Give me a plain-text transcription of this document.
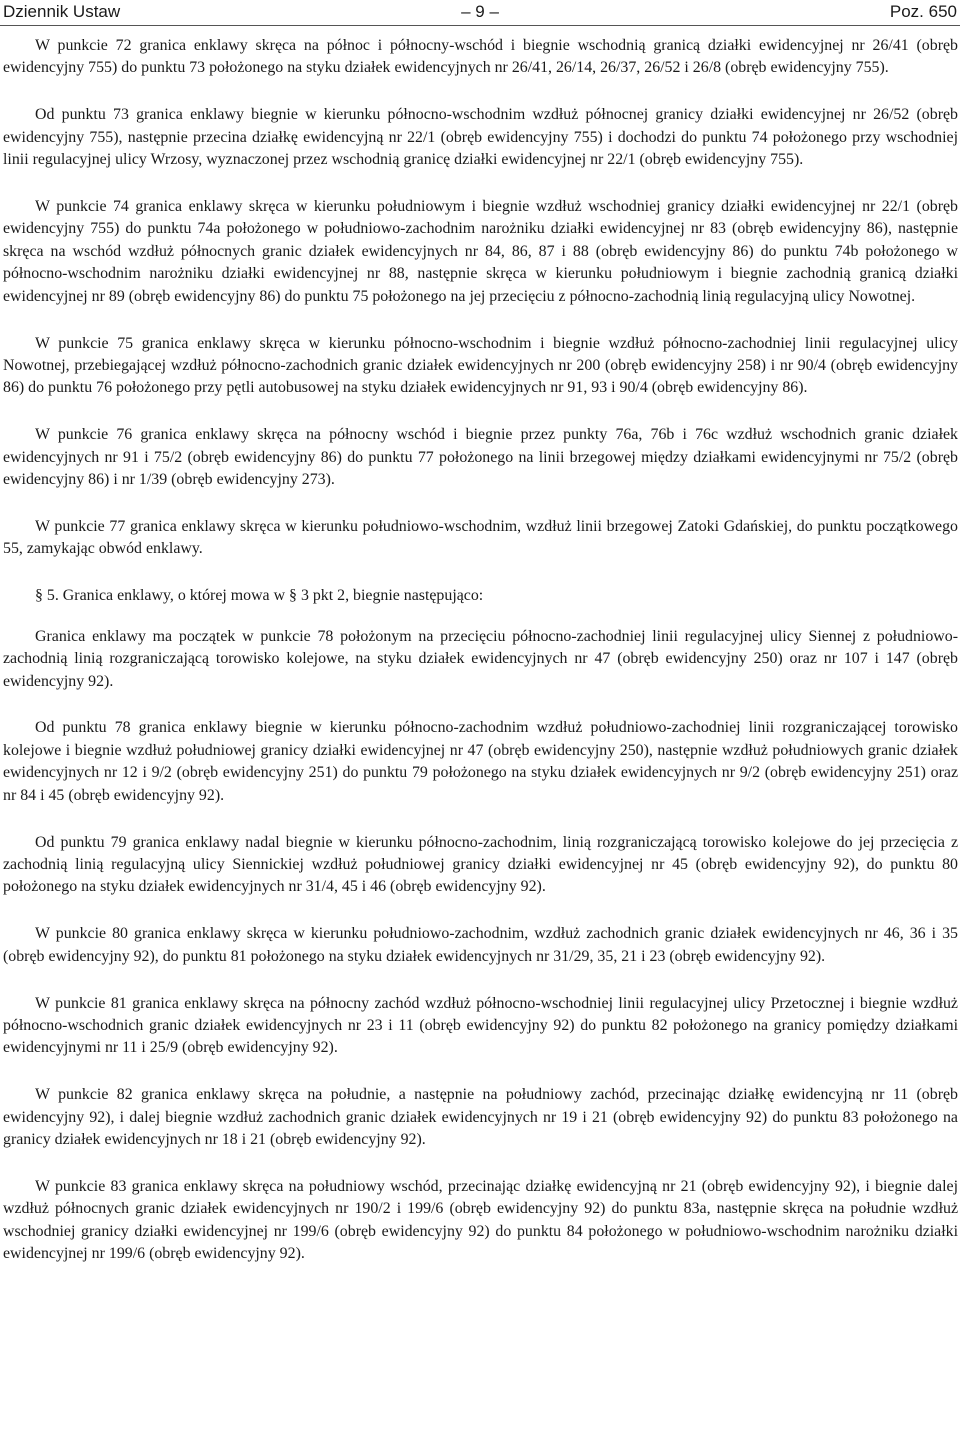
Dziennik Ustaw	– 9 –	Poz. 650

W punkcie 72 granica enklawy skręca na północ i północny-wschód i biegnie wschodnią granicą działki ewidencyjnej nr 26/41 (obręb ewidencyjny 755) do punktu 73 położonego na styku działek ewidencyjnych nr 26/41, 26/14, 26/37, 26/52 i 26/8 (obręb ewidencyjny 755).

Od punktu 73 granica enklawy biegnie w kierunku północno-wschodnim wzdłuż północnej granicy działki ewidencyjnej nr 26/52 (obręb ewidencyjny 755), następnie przecina działkę ewidencyjną nr 22/1 (obręb ewidencyjny 755) i dochodzi do punktu 74 położonego przy wschodniej linii regulacyjnej ulicy Wrzosy, wyznaczonej przez wschodnią granicę działki ewidencyjnej nr 22/1 (obręb ewidencyjny 755).

W punkcie 74 granica enklawy skręca w kierunku południowym i biegnie wzdłuż wschodniej granicy działki ewidencyjnej nr 22/1 (obręb ewidencyjny 755) do punktu 74a położonego w południowo-zachodnim narożniku działki ewidencyjnej nr 83 (obręb ewidencyjny 86), następnie skręca na wschód wzdłuż północnych granic działek ewidencyjnych nr 84, 86, 87 i 88 (obręb ewidencyjny 86) do punktu 74b położonego w północno-wschodnim narożniku działki ewidencyjnej nr 88, następnie skręca w kierunku południowym i biegnie zachodnią granicą działki ewidencyjnej nr 89 (obręb ewidencyjny 86) do punktu 75 położonego na jej przecięciu z północno-zachodnią linią regulacyjną ulicy Nowotnej.

W punkcie 75 granica enklawy skręca w kierunku północno-wschodnim i biegnie wzdłuż północno-zachodniej linii regulacyjnej ulicy Nowotnej, przebiegającej wzdłuż północno-zachodnich granic działek ewidencyjnych nr 200 (obręb ewidencyjny 258) i nr 90/4 (obręb ewidencyjny 86) do punktu 76 położonego przy pętli autobusowej na styku działek ewidencyjnych nr 91, 93 i 90/4 (obręb ewidencyjny 86).

W punkcie 76 granica enklawy skręca na północny wschód i biegnie przez punkty 76a, 76b i 76c wzdłuż wschodnich granic działek ewidencyjnych nr 91 i 75/2 (obręb ewidencyjny 86) do punktu 77 położonego na linii brzegowej między działkami ewidencyjnymi nr 75/2 (obręb ewidencyjny 86) i nr 1/39 (obręb ewidencyjny 273).

W punkcie 77 granica enklawy skręca w kierunku południowo-wschodnim, wzdłuż linii brzegowej Zatoki Gdańskiej, do punktu początkowego 55, zamykając obwód enklawy.

§ 5. Granica enklawy, o której mowa w § 3 pkt 2, biegnie następująco:

Granica enklawy ma początek w punkcie 78 położonym na przecięciu północno-zachodniej linii regulacyjnej ulicy Siennej z południowo-zachodnią linią rozgraniczającą torowisko kolejowe, na styku działek ewidencyjnych nr 47 (obręb ewidencyjny 250) oraz nr 107 i 147 (obręb ewidencyjny 92).

Od punktu 78 granica enklawy biegnie w kierunku północno-zachodnim wzdłuż południowo-zachodniej linii rozgraniczającej torowisko kolejowe i biegnie wzdłuż południowej granicy działki ewidencyjnej nr 47 (obręb ewidencyjny 250), następnie wzdłuż południowych granic działek ewidencyjnych nr 12 i 9/2 (obręb ewidencyjny 251) do punktu 79 położonego na styku działek ewidencyjnych nr 9/2 (obręb ewidencyjny 251) oraz nr 84 i 45 (obręb ewidencyjny 92).

Od punktu 79 granica enklawy nadal biegnie w kierunku północno-zachodnim, linią rozgraniczającą torowisko kolejowe do jej przecięcia z zachodnią linią regulacyjną ulicy Siennickiej wzdłuż południowej granicy działki ewidencyjnej nr 45 (obręb ewidencyjny 92), do punktu 80 położonego na styku działek ewidencyjnych nr 31/4, 45 i 46 (obręb ewidencyjny 92).

W punkcie 80 granica enklawy skręca w kierunku południowo-zachodnim, wzdłuż zachodnich granic działek ewidencyjnych nr 46, 36 i 35 (obręb ewidencyjny 92), do punktu 81 położonego na styku działek ewidencyjnych nr 31/29, 35, 21 i 23 (obręb ewidencyjny 92).

W punkcie 81 granica enklawy skręca na północny zachód wzdłuż północno-wschodniej linii regulacyjnej ulicy Przetocznej i biegnie wzdłuż północno-wschodnich granic działek ewidencyjnych nr 23 i 11 (obręb ewidencyjny 92) do punktu 82 położonego na granicy pomiędzy działkami ewidencyjnymi nr 11 i 25/9 (obręb ewidencyjny 92).

W punkcie 82 granica enklawy skręca na południe, a następnie na południowy zachód, przecinając działkę ewidencyjną nr 11 (obręb ewidencyjny 92), i dalej biegnie wzdłuż zachodnich granic działek ewidencyjnych nr 19 i 21 (obręb ewidencyjny 92) do punktu 83 położonego na granicy działek ewidencyjnych nr 18 i 21 (obręb ewidencyjny 92).

W punkcie 83 granica enklawy skręca na południowy wschód, przecinając działkę ewidencyjną nr 21 (obręb ewidencyjny 92), i biegnie dalej wzdłuż północnych granic działek ewidencyjnych nr 190/2 i 199/6 (obręb ewidencyjny 92) do punktu 83a, następnie skręca na południe wzdłuż wschodniej granicy działki ewidencyjnej nr 199/6 (obręb ewidencyjny 92) do punktu 84 położonego w południowo-wschodnim narożniku działki ewidencyjnej nr 199/6 (obręb ewidencyjny 92).
